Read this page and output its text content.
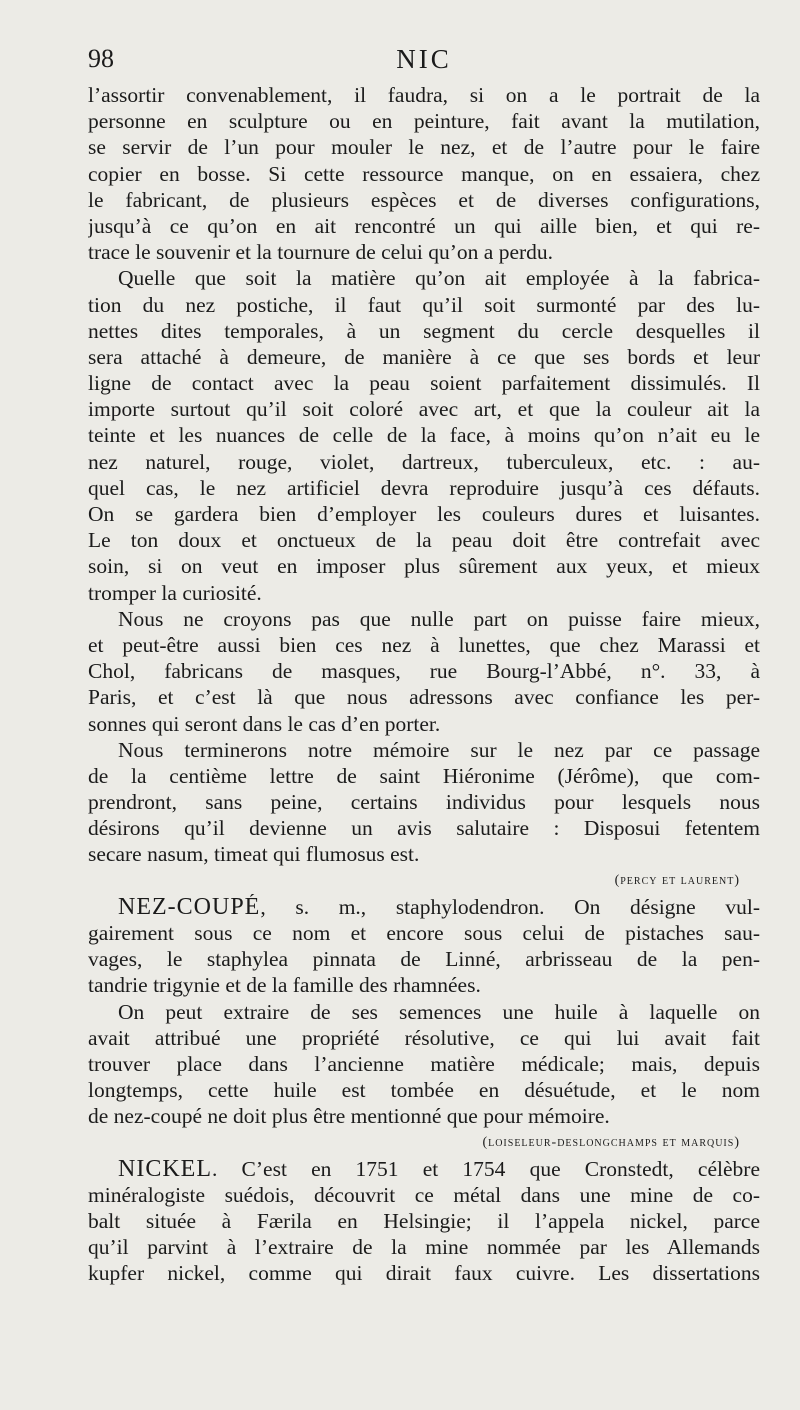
98	NIC
l’assortir convenablement, il faudra, si on a le portrait de la
personne en sculpture ou en peinture, fait avant la mutilation,
se servir de l’un pour mouler le nez, et de l’autre pour le faire
copier en bosse. Si cette ressource manque, on en essaiera, chez
le fabricant, de plusieurs espèces et de diverses configurations,
jusqu’à ce qu’on en ait rencontré un qui aille bien, et qui re-
trace le souvenir et la tournure de celui qu’on a perdu.
Quelle que soit la matière qu’on ait employée à la fabrica-
tion du nez postiche, il faut qu’il soit surmonté par des lu-
nettes dites temporales, à un segment du cercle desquelles il
sera attaché à demeure, de manière à ce que ses bords et leur
ligne de contact avec la peau soient parfaitement dissimulés. Il
importe surtout qu’il soit coloré avec art, et que la couleur ait la
teinte et les nuances de celle de la face, à moins qu’on n’ait eu le
nez naturel, rouge, violet, dartreux, tuberculeux, etc. : au-
quel cas, le nez artificiel devra reproduire jusqu’à ces défauts.
On se gardera bien d’employer les couleurs dures et luisantes.
Le ton doux et onctueux de la peau doit être contrefait avec
soin, si on veut en imposer plus sûrement aux yeux, et mieux
tromper la curiosité.
Nous ne croyons pas que nulle part on puisse faire mieux,
et peut-être aussi bien ces nez à lunettes, que chez Marassi et
Chol, fabricans de masques, rue Bourg-l’Abbé, n°. 33, à
Paris, et c’est là que nous adressons avec confiance les per-
sonnes qui seront dans le cas d’en porter.
Nous terminerons notre mémoire sur le nez par ce passage
de la centième lettre de saint Hiéronime (Jérôme), que com-
prendront, sans peine, certains individus pour lesquels nous
désirons qu’il devienne un avis salutaire : Disposui fetentem
secare nasum, timeat qui flumosus est.
(percy et laurent)
NEZ-COUPÉ, s. m., staphylodendron. On désigne vul-
gairement sous ce nom et encore sous celui de pistaches sau-
vages, le staphylea pinnata de Linné, arbrisseau de la pen-
tandrie trigynie et de la famille des rhamnées.
On peut extraire de ses semences une huile à laquelle on
avait attribué une propriété résolutive, ce qui lui avait fait
trouver place dans l’ancienne matière médicale; mais, depuis
longtemps, cette huile est tombée en désuétude, et le nom
de nez-coupé ne doit plus être mentionné que pour mémoire.
(loiseleur-deslongchamps et marquis)
NICKEL. C’est en 1751 et 1754 que Cronstedt, célèbre
minéralogiste suédois, découvrit ce métal dans une mine de co-
balt située à Færila en Helsingie; il l’appela nickel, parce
qu’il parvint à l’extraire de la mine nommée par les Allemands
kupfer nickel, comme qui dirait faux cuivre. Les dissertations
